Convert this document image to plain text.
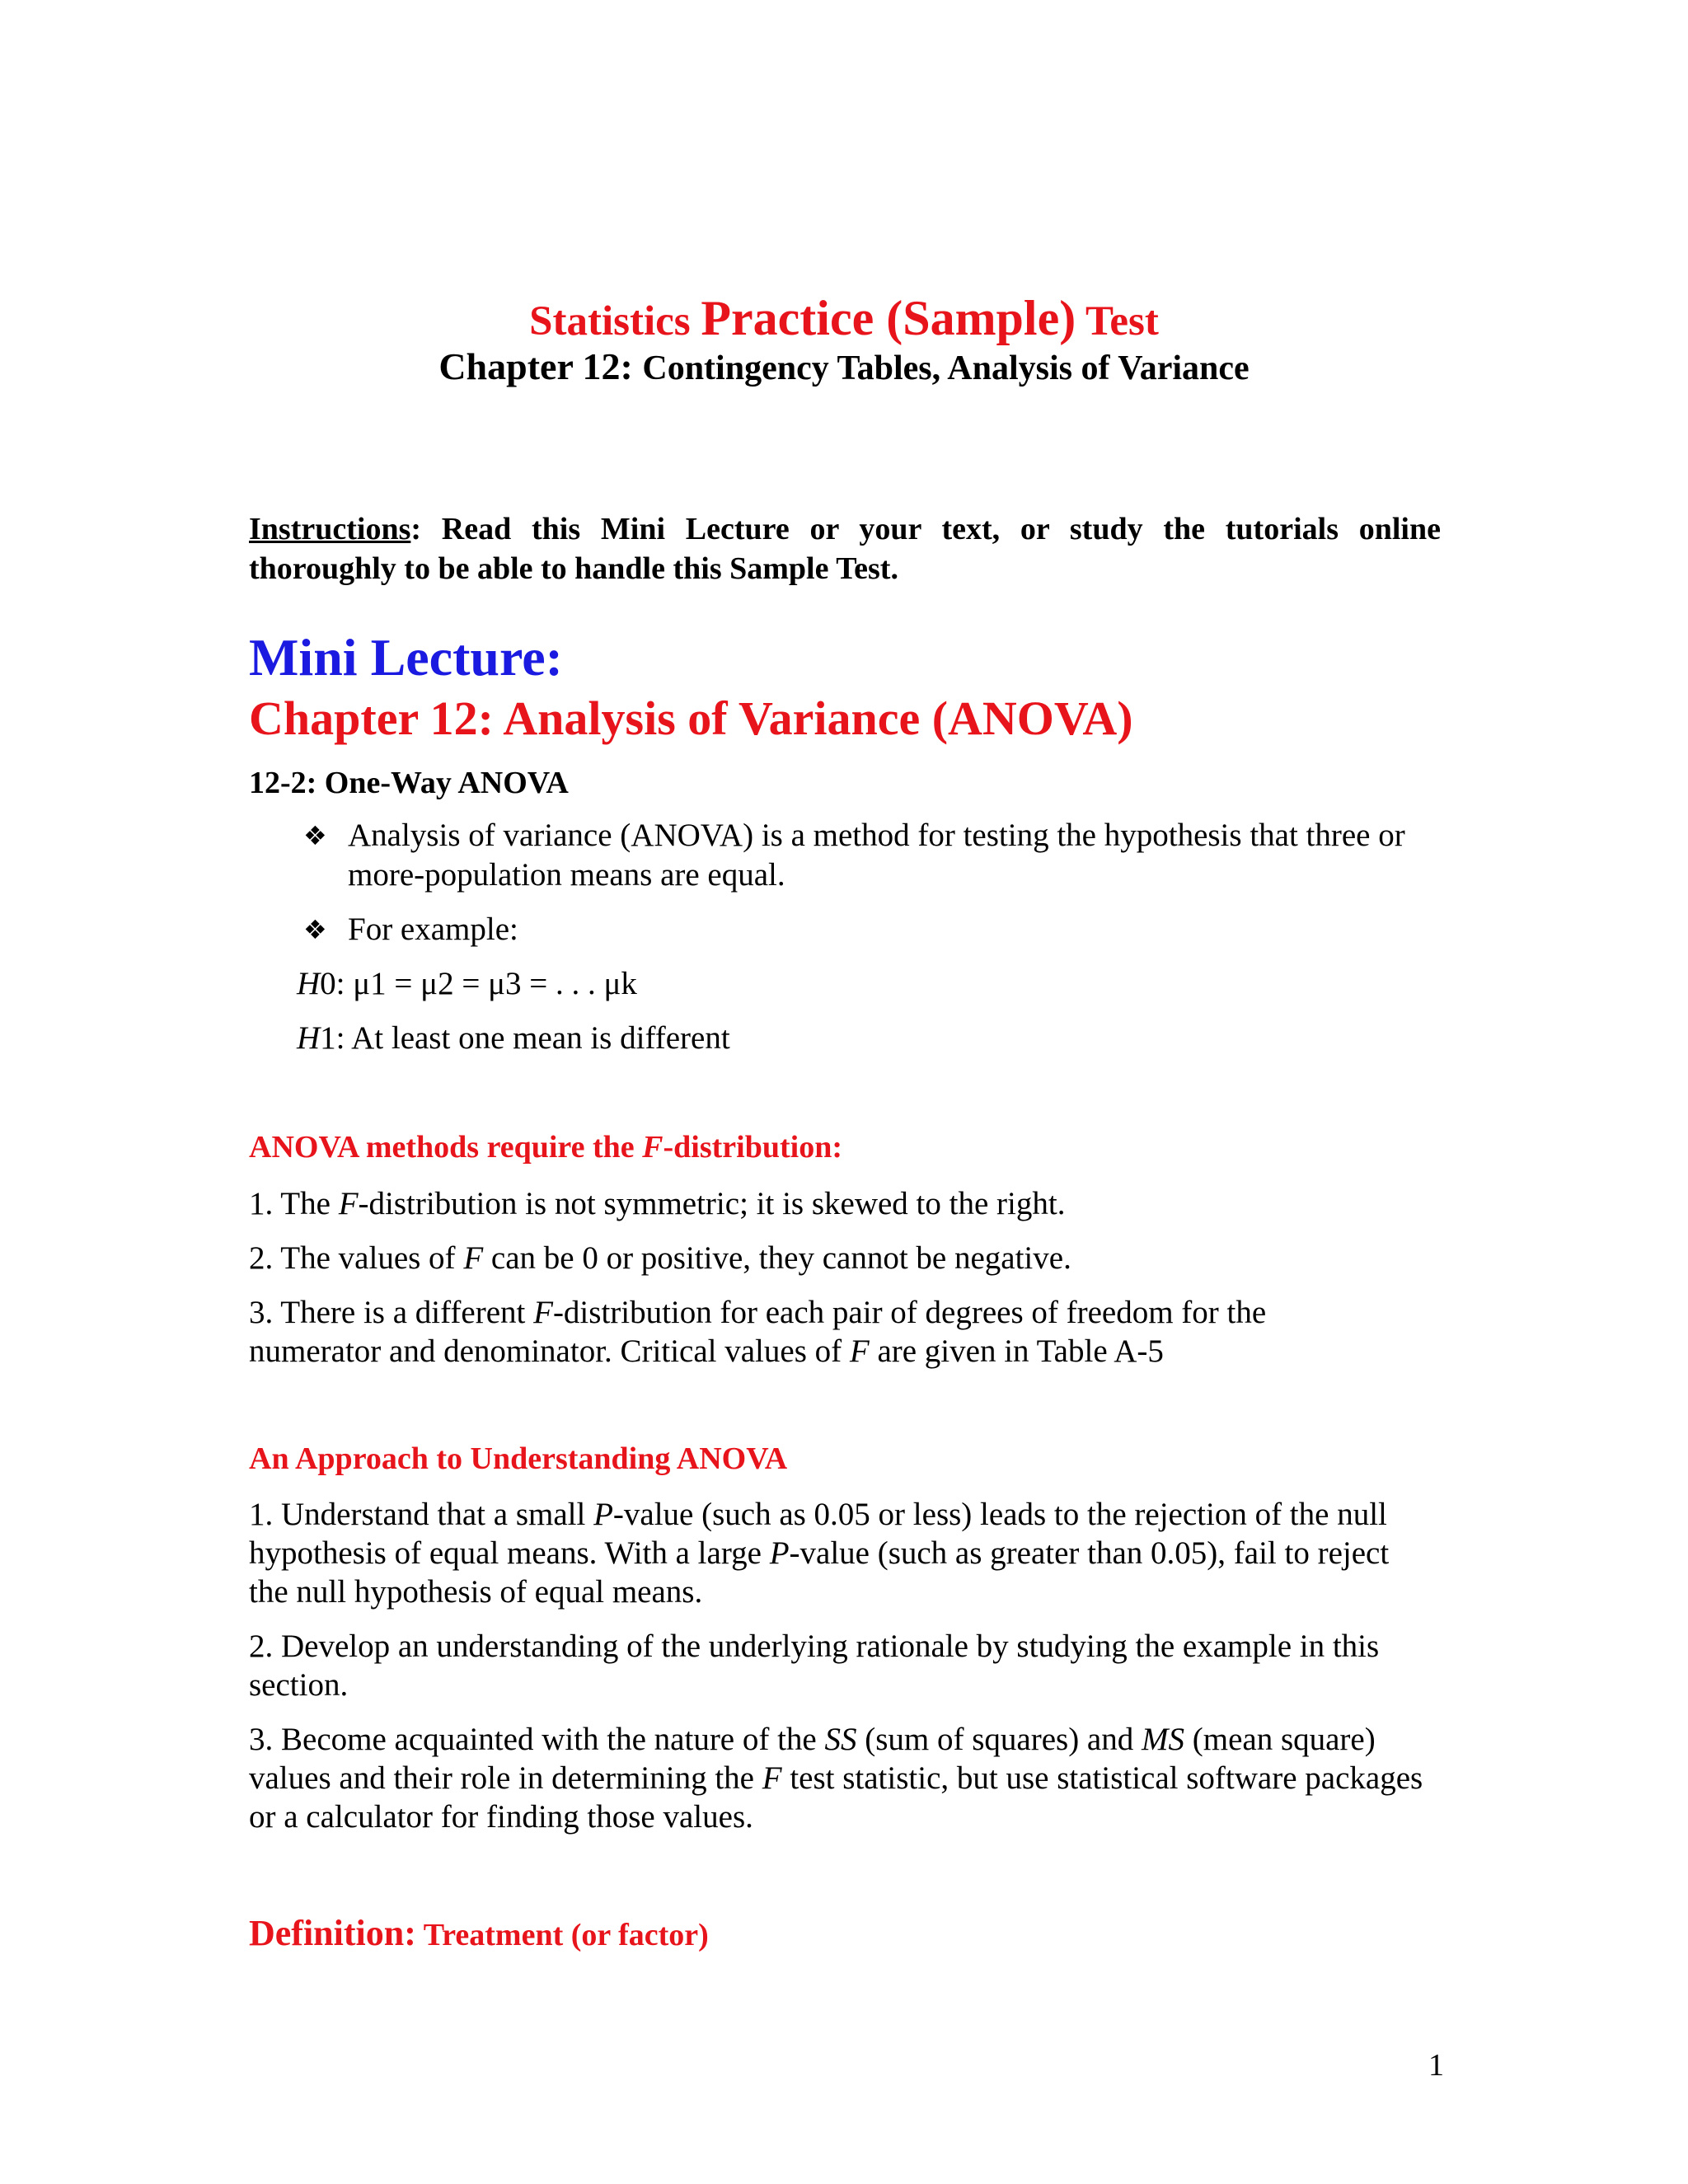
Statistics Practice (Sample) Test
Chapter 12: Contingency Tables, Analysis of Variance
Instructions: Read this Mini Lecture or your text, or study the tutorials online thoroughly to be able to handle this Sample Test.
Mini Lecture:
Chapter 12: Analysis of Variance (ANOVA)
12-2: One-Way ANOVA
❖ Analysis of variance (ANOVA) is a method for testing the hypothesis that three or more-population means are equal.
❖ For example:
H0: μ1 = μ2 = μ3 = . . . μk
H1: At least one mean is different
ANOVA methods require the F-distribution:
1. The F-distribution is not symmetric; it is skewed to the right.
2. The values of F can be 0 or positive, they cannot be negative.
3. There is a different F-distribution for each pair of degrees of freedom for the numerator and denominator. Critical values of F are given in Table A-5
An Approach to Understanding ANOVA
1. Understand that a small P-value (such as 0.05 or less) leads to the rejection of the null hypothesis of equal means. With a large P-value (such as greater than 0.05), fail to reject the null hypothesis of equal means.
2. Develop an understanding of the underlying rationale by studying the example in this section.
3. Become acquainted with the nature of the SS (sum of squares) and MS (mean square) values and their role in determining the F test statistic, but use statistical software packages or a calculator for finding those values.
Definition: Treatment (or factor)
1
